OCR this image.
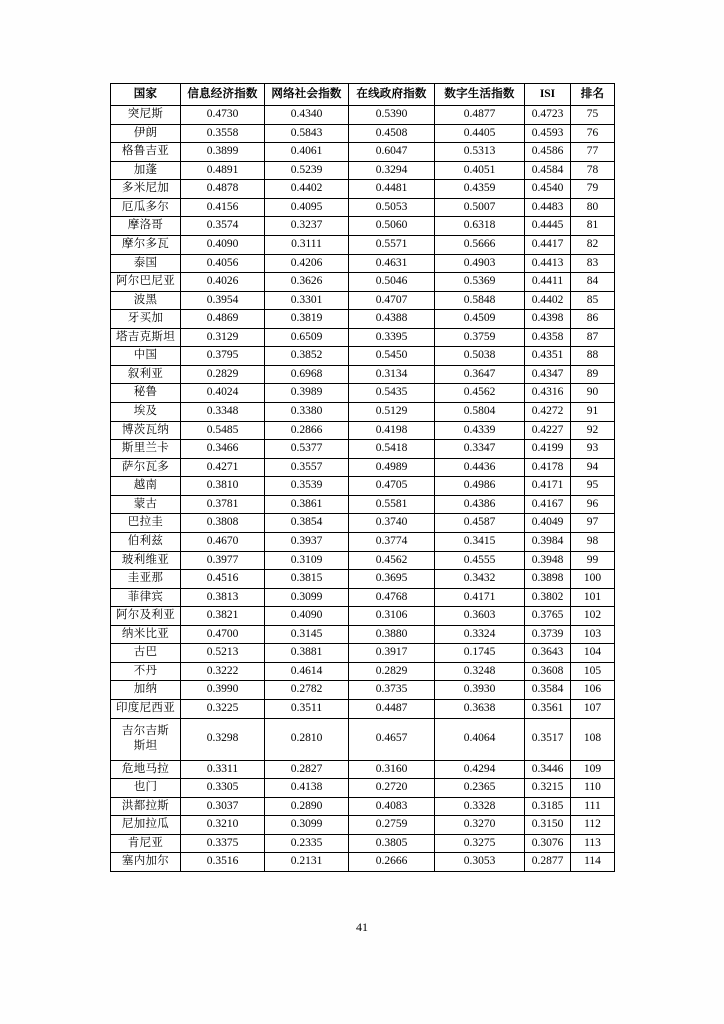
国家	信息经济指数	网络社会指数	在线政府指数	数字生活指数	ISI	排名
突尼斯	0.4730	0.4340	0.5390	0.4877	0.4723	75
伊朗	0.3558	0.5843	0.4508	0.4405	0.4593	76
格鲁吉亚	0.3899	0.4061	0.6047	0.5313	0.4586	77
加蓬	0.4891	0.5239	0.3294	0.4051	0.4584	78
多米尼加	0.4878	0.4402	0.4481	0.4359	0.4540	79
厄瓜多尔	0.4156	0.4095	0.5053	0.5007	0.4483	80
摩洛哥	0.3574	0.3237	0.5060	0.6318	0.4445	81
摩尔多瓦	0.4090	0.3111	0.5571	0.5666	0.4417	82
泰国	0.4056	0.4206	0.4631	0.4903	0.4413	83
阿尔巴尼亚	0.4026	0.3626	0.5046	0.5369	0.4411	84
波黑	0.3954	0.3301	0.4707	0.5848	0.4402	85
牙买加	0.4869	0.3819	0.4388	0.4509	0.4398	86
塔吉克斯坦	0.3129	0.6509	0.3395	0.3759	0.4358	87
中国	0.3795	0.3852	0.5450	0.5038	0.4351	88
叙利亚	0.2829	0.6968	0.3134	0.3647	0.4347	89
秘鲁	0.4024	0.3989	0.5435	0.4562	0.4316	90
埃及	0.3348	0.3380	0.5129	0.5804	0.4272	91
博茨瓦纳	0.5485	0.2866	0.4198	0.4339	0.4227	92
斯里兰卡	0.3466	0.5377	0.5418	0.3347	0.4199	93
萨尔瓦多	0.4271	0.3557	0.4989	0.4436	0.4178	94
越南	0.3810	0.3539	0.4705	0.4986	0.4171	95
蒙古	0.3781	0.3861	0.5581	0.4386	0.4167	96
巴拉圭	0.3808	0.3854	0.3740	0.4587	0.4049	97
伯利兹	0.4670	0.3937	0.3774	0.3415	0.3984	98
玻利维亚	0.3977	0.3109	0.4562	0.4555	0.3948	99
圭亚那	0.4516	0.3815	0.3695	0.3432	0.3898	100
菲律宾	0.3813	0.3099	0.4768	0.4171	0.3802	101
阿尔及利亚	0.3821	0.4090	0.3106	0.3603	0.3765	102
纳米比亚	0.4700	0.3145	0.3880	0.3324	0.3739	103
古巴	0.5213	0.3881	0.3917	0.1745	0.3643	104
不丹	0.3222	0.4614	0.2829	0.3248	0.3608	105
加纳	0.3990	0.2782	0.3735	0.3930	0.3584	106
印度尼西亚	0.3225	0.3511	0.4487	0.3638	0.3561	107
吉尔吉斯斯坦	0.3298	0.2810	0.4657	0.4064	0.3517	108
危地马拉	0.3311	0.2827	0.3160	0.4294	0.3446	109
也门	0.3305	0.4138	0.2720	0.2365	0.3215	110
洪都拉斯	0.3037	0.2890	0.4083	0.3328	0.3185	111
尼加拉瓜	0.3210	0.3099	0.2759	0.3270	0.3150	112
肯尼亚	0.3375	0.2335	0.3805	0.3275	0.3076	113
塞内加尔	0.3516	0.2131	0.2666	0.3053	0.2877	114
41
